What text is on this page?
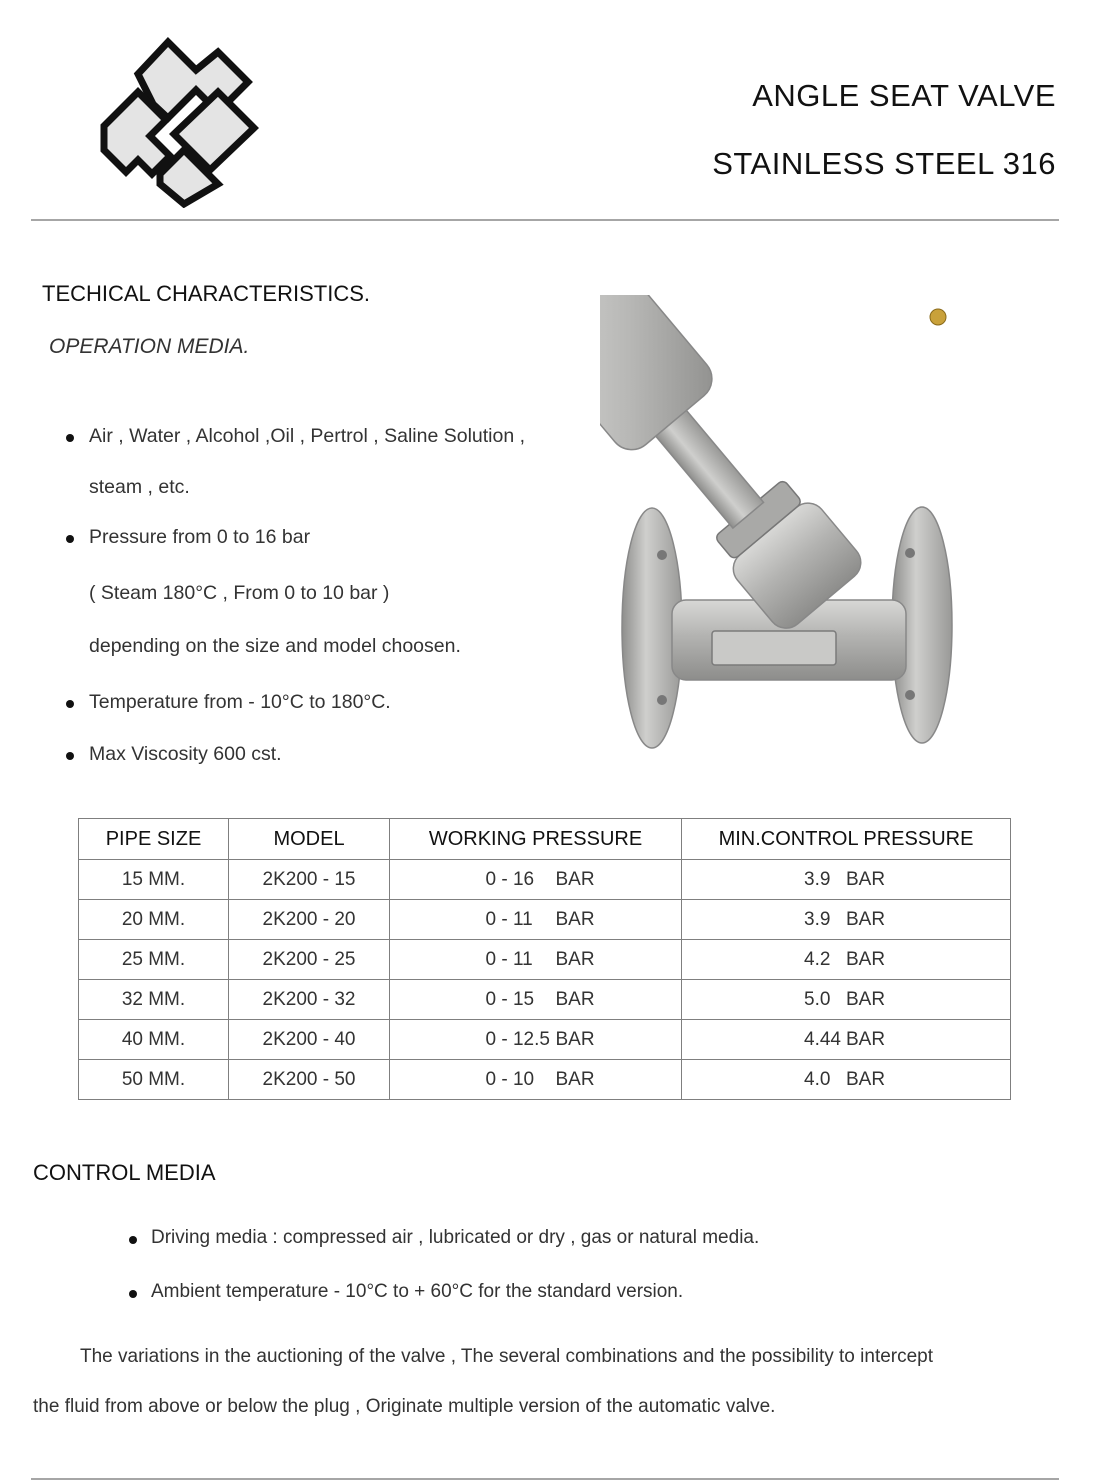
ANGLE SEAT VALVE
STAINLESS STEEL 316
TECHICAL CHARACTERISTICS.
OPERATION MEDIA.
Air , Water , Alcohol ,Oil , Pertrol , Saline Solution ,
steam , etc.
Pressure from 0 to 16 bar
( Steam 180°C , From 0 to 10 bar )
depending on the size and model choosen.
Temperature from - 10°C to 180°C.
Max Viscosity 600 cst.
PIPE SIZE	MODEL	WORKING PRESSURE	MIN.CONTROL PRESSURE
15 MM.	2K200 - 15	0 - 16 BAR	3.9 BAR
20 MM.	2K200 - 20	0 - 11 BAR	3.9 BAR
25 MM.	2K200 - 25	0 - 11 BAR	4.2 BAR
32 MM.	2K200 - 32	0 - 15 BAR	5.0 BAR
40 MM.	2K200 - 40	0 - 12.5 BAR	4.44 BAR
50 MM.	2K200 - 50	0 - 10 BAR	4.0 BAR
CONTROL MEDIA
Driving media : compressed air , lubricated or dry , gas or natural media.
Ambient temperature - 10°C to + 60°C for the standard version.
The variations in the auctioning of the valve , The several combinations and the possibility to intercept
the fluid from above or below the plug , Originate multiple version of the automatic valve.
